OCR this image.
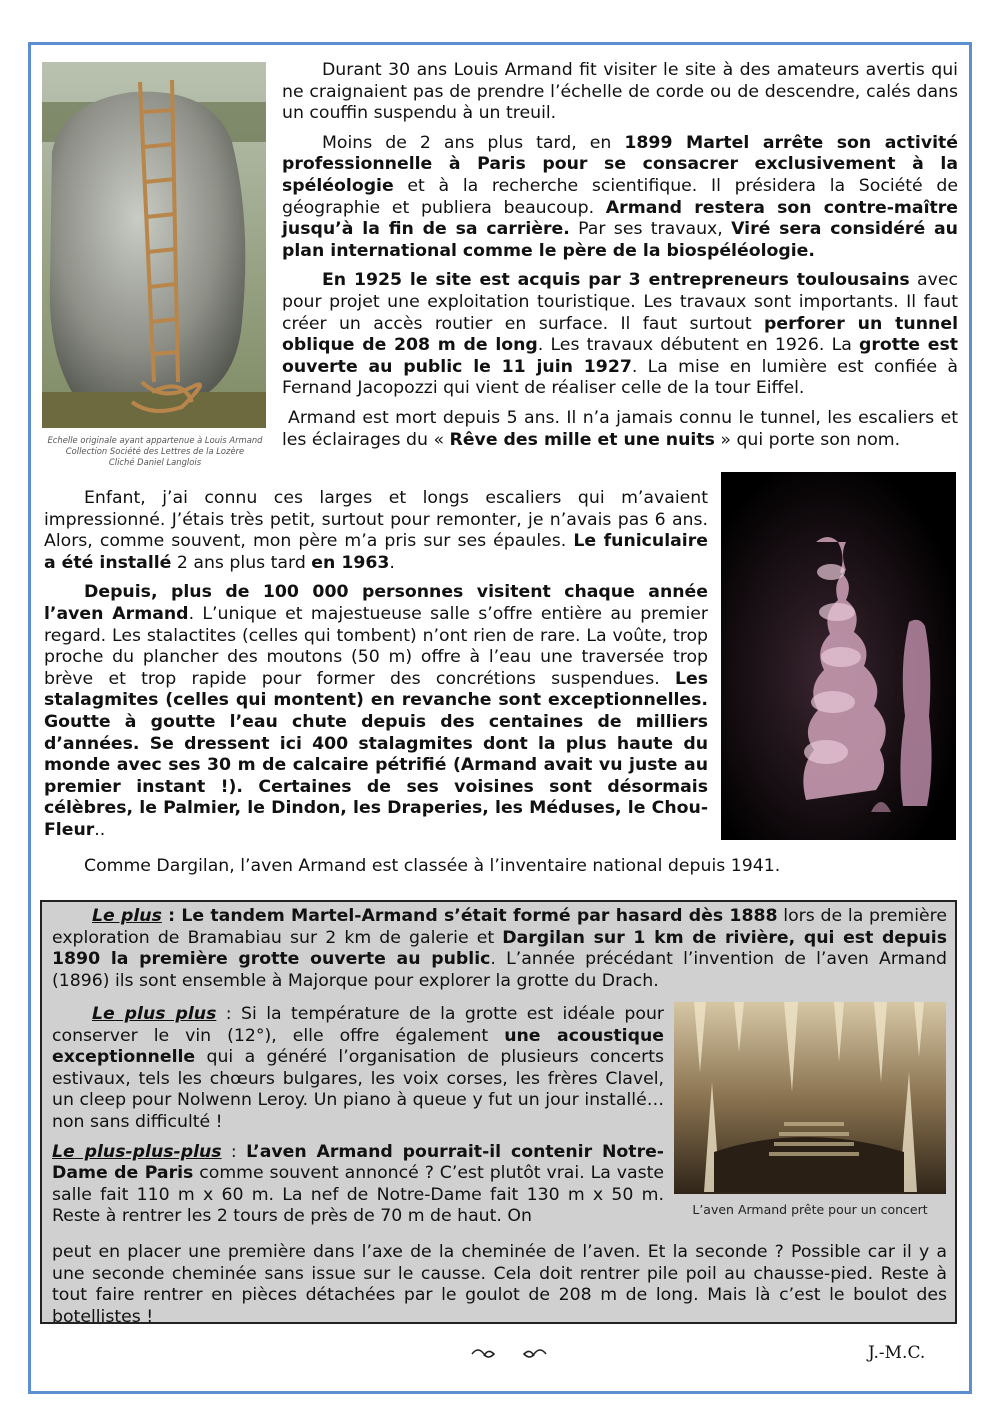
Echelle originale ayant appartenue à Louis Armand
Collection Société des Lettres de la Lozère
Cliché Daniel Langlois

Durant 30 ans Louis Armand fit visiter le site à des amateurs avertis qui ne craignaient pas de prendre l’échelle de corde ou de descendre, calés dans un couffin suspendu à un treuil.

Moins de 2 ans plus tard, en 1899 Martel arrête son activité professionnelle à Paris pour se consacrer exclusivement à la spéléologie et à la recherche scientifique. Il présidera la Société de géographie et publiera beaucoup. Armand restera son contre-maître jusqu’à la fin de sa carrière. Par ses travaux, Viré sera considéré au plan international comme le père de la biospéléologie.

En 1925 le site est acquis par 3 entrepreneurs toulousains avec pour projet une exploitation touristique. Les travaux sont importants. Il faut créer un accès routier en surface. Il faut surtout perforer un tunnel oblique de 208 m de long. Les travaux débutent en 1926. La grotte est ouverte au public le 11 juin 1927. La mise en lumière est confiée à Fernand Jacopozzi qui vient de réaliser celle de la tour Eiffel.

Armand est mort depuis 5 ans. Il n’a jamais connu le tunnel, les escaliers et les éclairages du « Rêve des mille et une nuits » qui porte son nom.

Enfant, j’ai connu ces larges et longs escaliers qui m’avaient impressionné. J’étais très petit, surtout pour remonter, je n’avais pas 6 ans. Alors, comme souvent, mon père m’a pris sur ses épaules. Le funiculaire a été installé 2 ans plus tard en 1963.

Depuis, plus de 100 000 personnes visitent chaque année l’aven Armand. L’unique et majestueuse salle s’offre entière au premier regard. Les stalactites (celles qui tombent) n’ont rien de rare. La voûte, trop proche du plancher des moutons (50 m) offre à l’eau une traversée trop brève et trop rapide pour former des concrétions suspendues. Les stalagmites (celles qui montent) en revanche sont exceptionnelles. Goutte à goutte l’eau chute depuis des centaines de milliers d’années. Se dressent ici 400 stalagmites dont la plus haute du monde avec ses 30 m de calcaire pétrifié (Armand avait vu juste au premier instant !). Certaines de ses voisines sont désormais célèbres, le Palmier, le Dindon, les Draperies, les Méduses, le Chou-Fleur..

Comme Dargilan, l’aven Armand est classée à l’inventaire national depuis 1941.

Le plus : Le tandem Martel-Armand s’était formé par hasard dès 1888 lors de la première exploration de Bramabiau sur 2 km de galerie et Dargilan sur 1 km de rivière, qui est depuis 1890 la première grotte ouverte au public. L’année précédant l’invention de l’aven Armand (1896) ils sont ensemble à Majorque pour explorer la grotte du Drach.

Le plus plus : Si la température de la grotte est idéale pour conserver le vin (12°), elle offre également une acoustique exceptionnelle qui a généré l’organisation de plusieurs concerts estivaux, tels les chœurs bulgares, les voix corses, les frères Clavel, un cleep pour Nolwenn Leroy. Un piano à queue y fut un jour installé…non sans difficulté !

Le plus-plus-plus : L’aven Armand pourrait-il contenir Notre-Dame de Paris comme souvent annoncé ? C’est plutôt vrai. La vaste salle fait 110 m x 60 m. La nef de Notre-Dame fait 130 m x 50 m. Reste à rentrer les 2 tours de près de 70 m de haut. On

peut en placer une première dans l’axe de la cheminée de l’aven. Et la seconde ? Possible car il y a une seconde cheminée sans issue sur le causse. Cela doit rentrer pile poil au chausse-pied. Reste à tout faire rentrer en pièces détachées par le goulot de 208 m de long. Mais là c’est le boulot des botellistes !
L’aven Armand prête pour un concert
J.-M.C.
